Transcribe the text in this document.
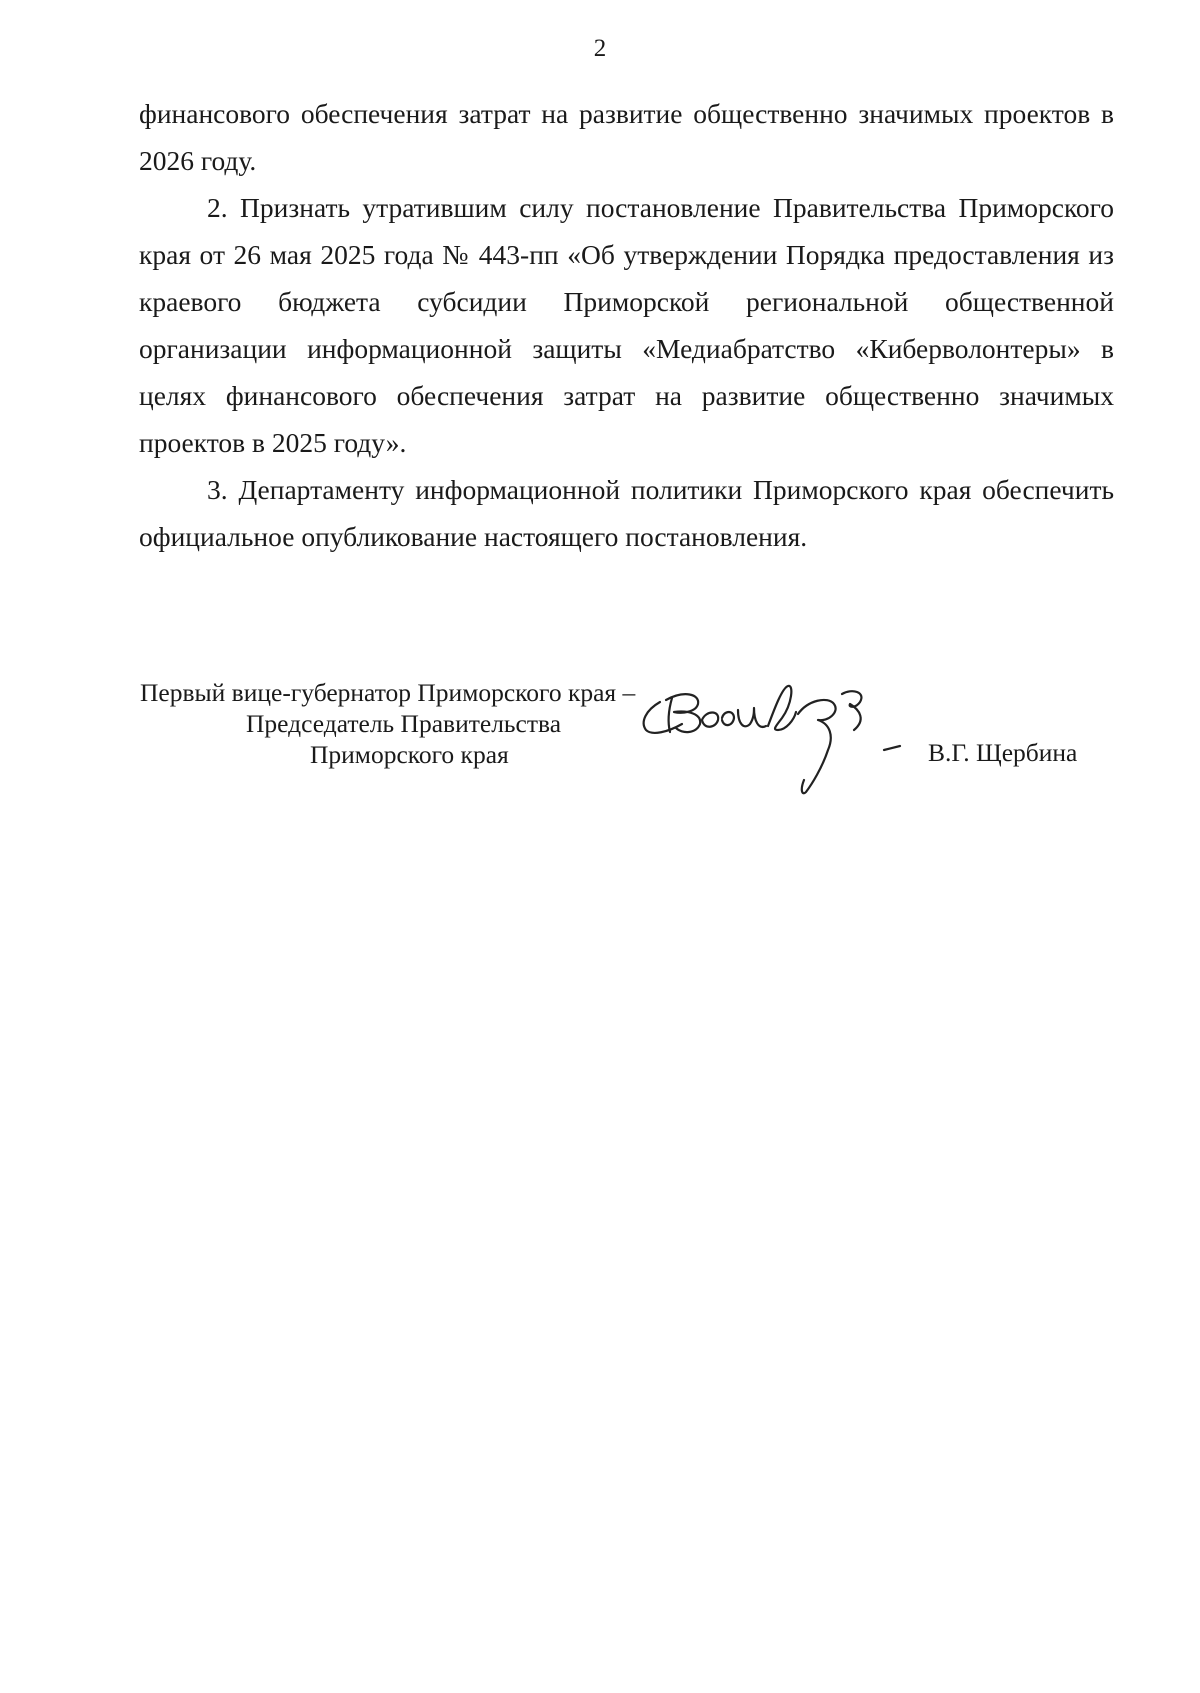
2

финансового обеспечения затрат на развитие общественно значимых проектов в 2026 году.

2. Признать утратившим силу постановление Правительства Приморского края от 26 мая 2025 года № 443-пп «Об утверждении Порядка предоставления из краевого бюджета субсидии Приморской региональной общественной организации информационной защиты «Медиабратство «Киберволонтеры» в целях финансового обеспечения затрат на развитие общественно значимых проектов в 2025 году».

3. Департаменту информационной политики Приморского края обеспечить официальное опубликование настоящего постановления.

Первый вице-губернатор Приморского края –
Председатель Правительства
Приморского края	В.Г. Щербина
